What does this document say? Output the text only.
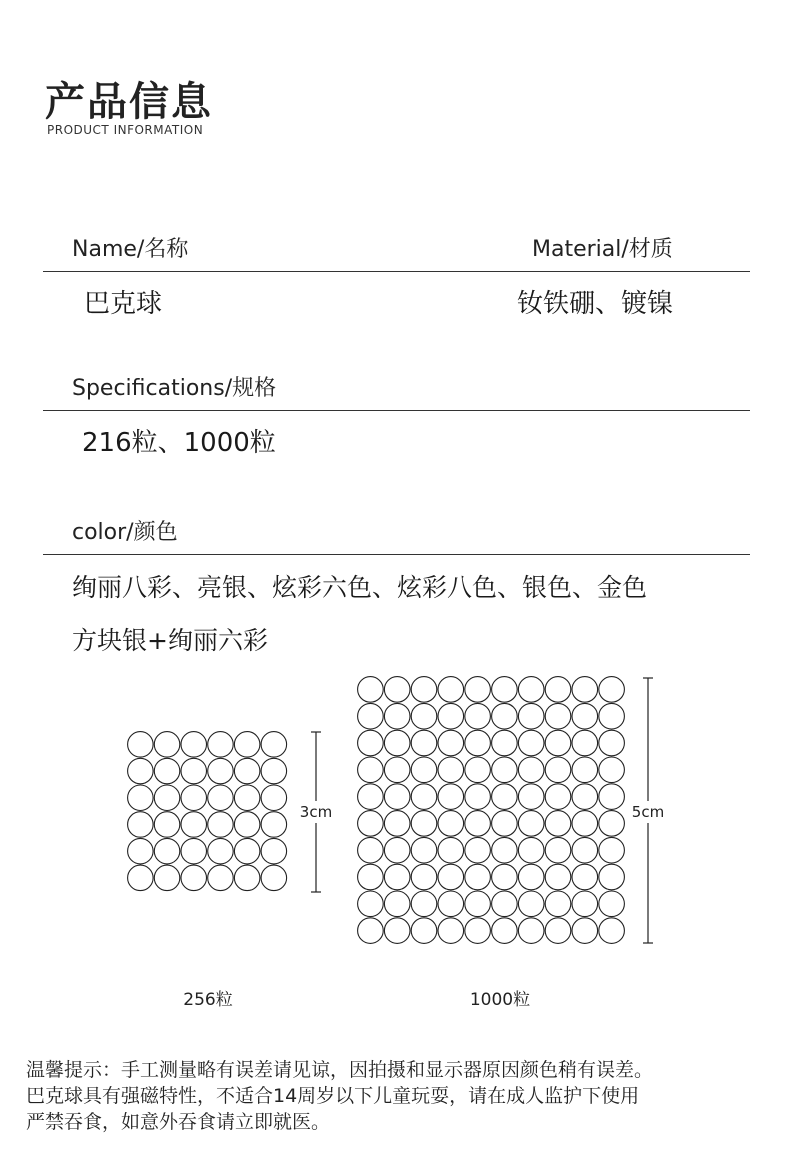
产品信息
PRODUCT INFORMATION
Name/名称	Material/材质
巴克球	钕铁硼、镀镍
Specifications/规格
216粒、1000粒
color/颜色
绚丽八彩、亮银、炫彩六色、炫彩八色、银色、金色
方块银+绚丽六彩
3cm	5cm
256粒	1000粒
温馨提示：手工测量略有误差请见谅，因拍摄和显示器原因颜色稍有误差。
巴克球具有强磁特性，不适合14周岁以下儿童玩耍，请在成人监护下使用
严禁吞食，如意外吞食请立即就医。
